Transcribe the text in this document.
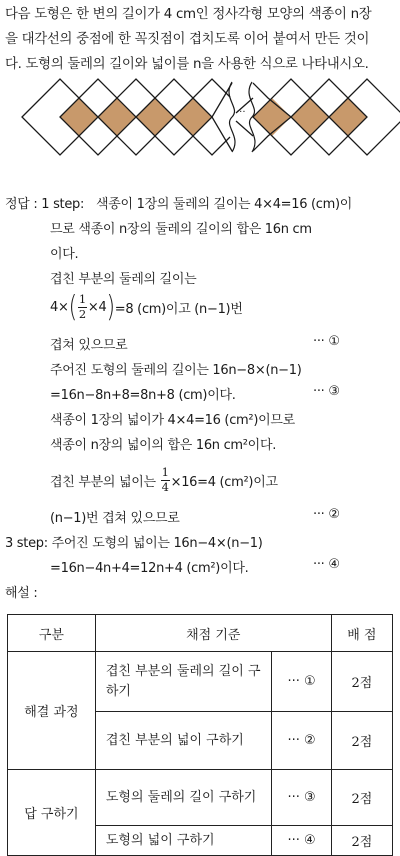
다음 도형은 한 변의 길이가 4 cm인 정사각형 모양의 색종이 n장
을 대각선의 중점에 한 꼭짓점이 겹치도록 이어 붙여서 만든 것이
다. 도형의 둘레의 길이와 넓이를 n을 사용한 식으로 나타내시오.
···
정답 : 1 step: 색종이 1장의 둘레의 길이는 4×4=16 (cm)이
므로 색종이 n장의 둘레의 길이의 합은 16n cm
이다.
겹친 부분의 둘레의 길이는
4× ( $\frac{1}{2} \times 4$ ) =8 (cm)이고 (n−1)번
겹쳐 있으므로	··· ①
주어진 도형의 둘레의 길이는 16n−8×(n−1)
=16n−8n+8=8n+8 (cm)이다.	··· ③
색종이 1장의 넓이가 4×4=16 (cm²)이므로
색종이 n장의 넓이의 합은 16n cm²이다.
겹친 부분의 넓이는
$\frac{1}{4} \times 16=4$ (cm²)이고
(n−1)번 겹쳐 있으므로	··· ②
3 step: 주어진 도형의 넓이는 16n−4×(n−1)
=16n−4n+4=12n+4 (cm²)이다.	··· ④
해설 :
구분	채점 기준		배 점
해결 과정	겹친 부분의 둘레의 길이 구하기	··· ①	2점
	겹친 부분의 넓이 구하기	··· ②	2점
답 구하기	도형의 둘레의 길이 구하기	··· ③	2점
	도형의 넓이 구하기	··· ④	2점
